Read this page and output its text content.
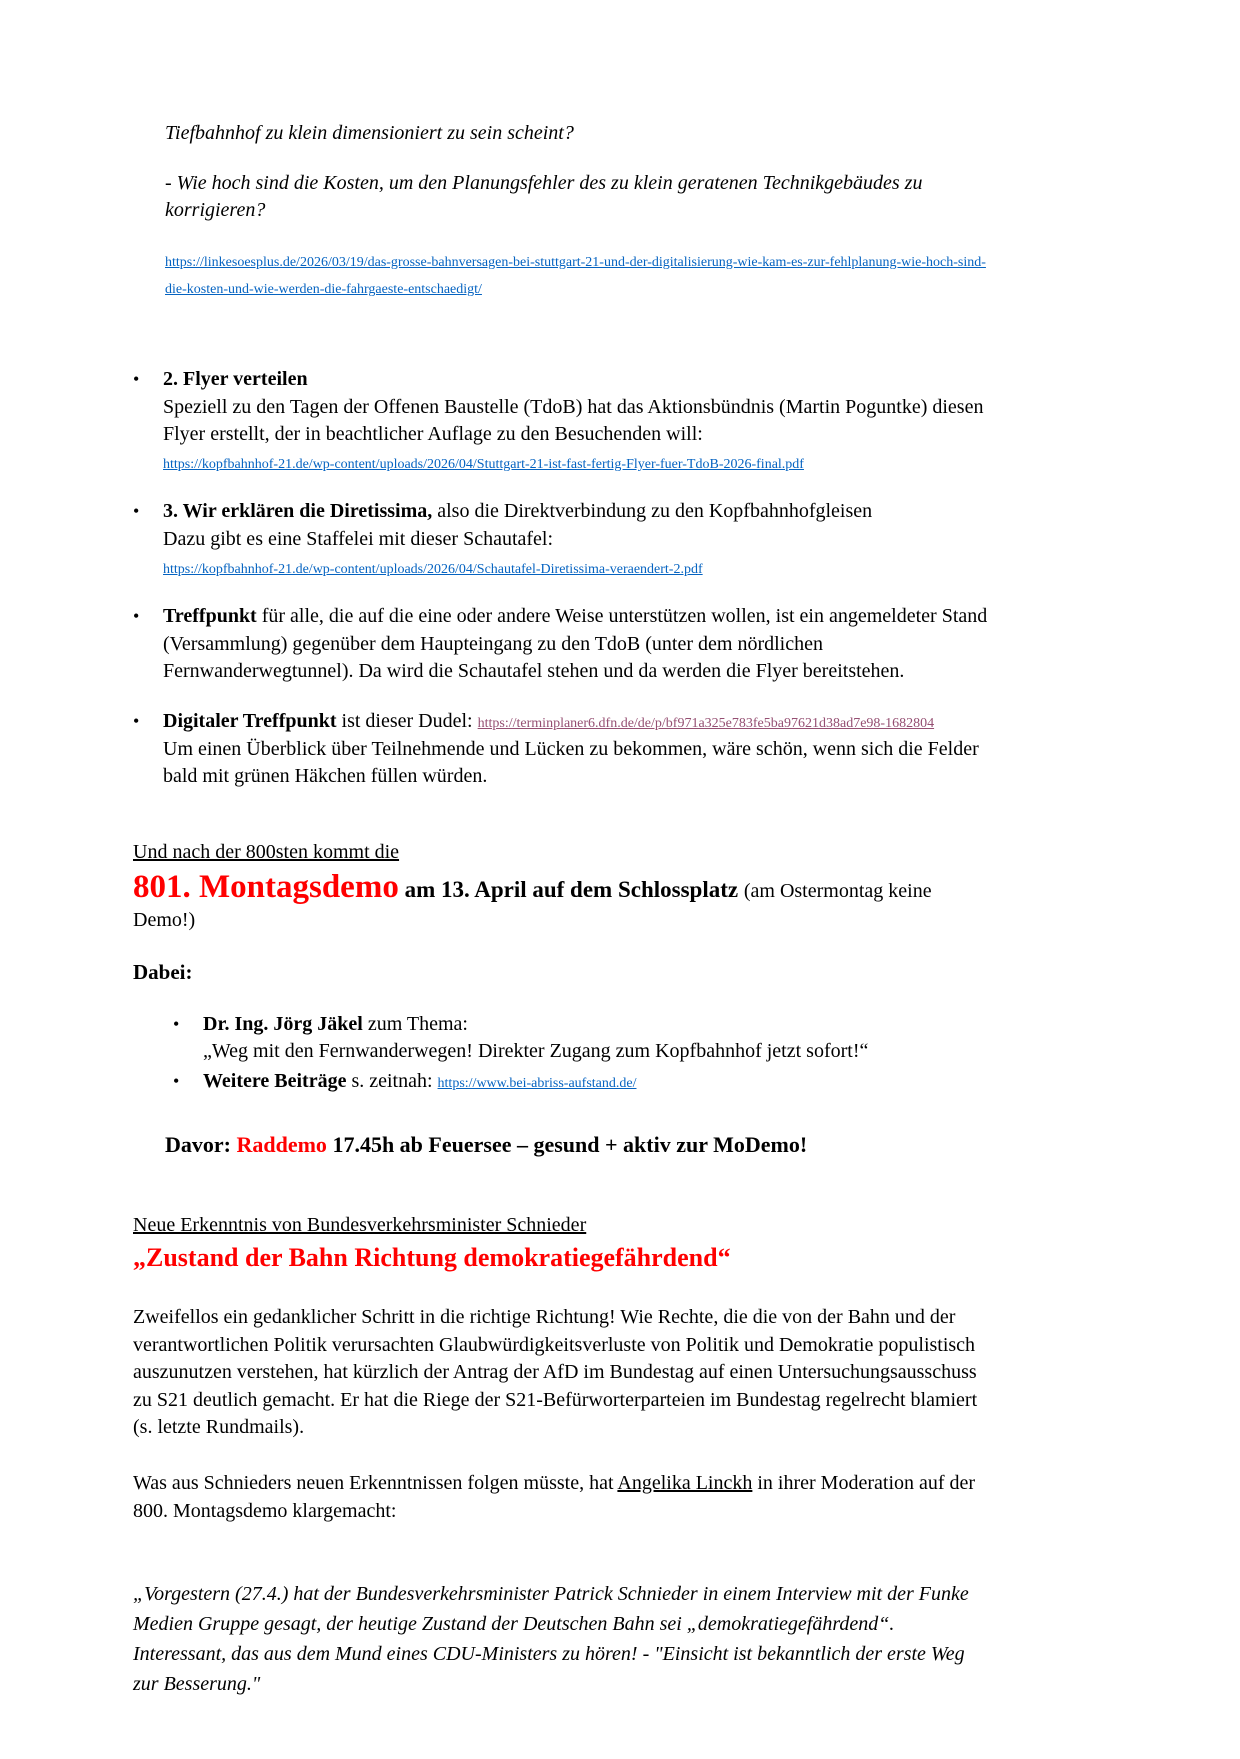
Tiefbahnhof zu klein dimensioniert zu sein scheint?

- Wie hoch sind die Kosten, um den Planungsfehler des zu klein geratenen Technikgebäudes zu korrigieren?

https://linkesoesplus.de/2026/03/19/das-grosse-bahnversagen-bei-stuttgart-21-und-der-digitalisierung-wie-kam-es-zur-fehlplanung-wie-hoch-sind-die-kosten-und-wie-werden-die-fahrgaeste-entschaedigt/

•	2. Flyer verteilen
Speziell zu den Tagen der Offenen Baustelle (TdoB) hat das Aktionsbündnis (Martin Poguntke) diesen Flyer erstellt, der in beachtlicher Auflage zu den Besuchenden will:
https://kopfbahnhof-21.de/wp-content/uploads/2026/04/Stuttgart-21-ist-fast-fertig-Flyer-fuer-TdoB-2026-final.pdf
•	3. Wir erklären die Diretissima, also die Direktverbindung zu den Kopfbahnhofgleisen
Dazu gibt es eine Staffelei mit dieser Schautafel:
https://kopfbahnhof-21.de/wp-content/uploads/2026/04/Schautafel-Diretissima-veraendert-2.pdf
•	Treffpunkt für alle, die auf die eine oder andere Weise unterstützen wollen, ist ein angemeldeter Stand (Versammlung) gegenüber dem Haupteingang zu den TdoB (unter dem nördlichen Fernwanderwegtunnel). Da wird die Schautafel stehen und da werden die Flyer bereitstehen.
•	Digitaler Treffpunkt ist dieser Dudel: https://terminplaner6.dfn.de/de/p/bf971a325e783fe5ba97621d38ad7e98-1682804
Um einen Überblick über Teilnehmende und Lücken zu bekommen, wäre schön, wenn sich die Felder bald mit grünen Häkchen füllen würden.

Und nach der 800sten kommt die

801. Montagsdemo am 13. April auf dem Schlossplatz (am Ostermontag keine Demo!)

Dabei:

•	Dr. Ing. Jörg Jäkel zum Thema:
„Weg mit den Fernwanderwegen! Direkter Zugang zum Kopfbahnhof jetzt sofort!“
•	Weitere Beiträge s. zeitnah: https://www.bei-abriss-aufstand.de/

Davor: Raddemo 17.45h ab Feuersee – gesund + aktiv zur MoDemo!

Neue Erkenntnis von Bundesverkehrsminister Schnieder

„Zustand der Bahn Richtung demokratiegefährdend“

Zweifellos ein gedanklicher Schritt in die richtige Richtung! Wie Rechte, die die von der Bahn und der verantwortlichen Politik verursachten Glaubwürdigkeitsverluste von Politik und Demokratie populistisch auszunutzen verstehen, hat kürzlich der Antrag der AfD im Bundestag auf einen Untersuchungsausschuss zu S21 deutlich gemacht. Er hat die Riege der S21-Befürworterparteien im Bundestag regelrecht blamiert (s. letzte Rundmails).

Was aus Schnieders neuen Erkenntnissen folgen müsste, hat Angelika Linckh in ihrer Moderation auf der 800. Montagsdemo klargemacht:

„Vorgestern (27.4.) hat der Bundesverkehrsminister Patrick Schnieder in einem Interview mit der Funke Medien Gruppe gesagt, der heutige Zustand der Deutschen Bahn sei „demokratiegefährdend“. Interessant, das aus dem Mund eines CDU-Ministers zu hören! - "Einsicht ist bekanntlich der erste Weg zur Besserung."
